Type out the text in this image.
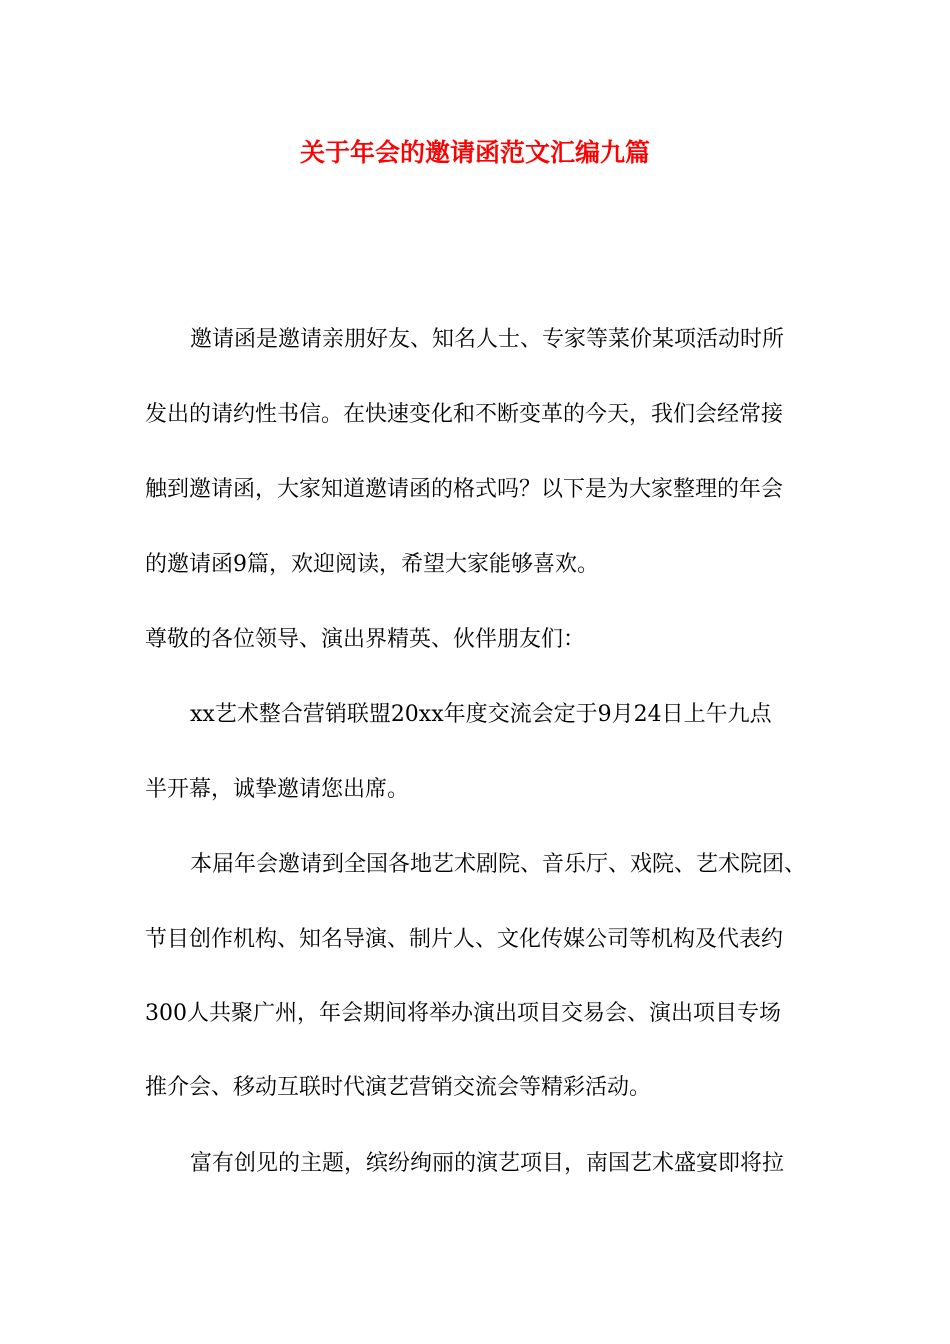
关于年会的邀请函范文汇编九篇

邀请函是邀请亲朋好友、知名人士、专家等菜价某项活动时所

发出的请约性书信。在快速变化和不断变革的今天，我们会经常接

触到邀请函，大家知道邀请函的格式吗？以下是为大家整理的年会

的邀请函9篇，欢迎阅读，希望大家能够喜欢。

尊敬的各位领导、演出界精英、伙伴朋友们：

xx艺术整合营销联盟20xx年度交流会定于9月24日上午九点

半开幕，诚挚邀请您出席。

本届年会邀请到全国各地艺术剧院、音乐厅、戏院、艺术院团、

节目创作机构、知名导演、制片人、文化传媒公司等机构及代表约

300人共聚广州，年会期间将举办演出项目交易会、演出项目专场

推介会、移动互联时代演艺营销交流会等精彩活动。

富有创见的主题，缤纷绚丽的演艺项目，南国艺术盛宴即将拉
